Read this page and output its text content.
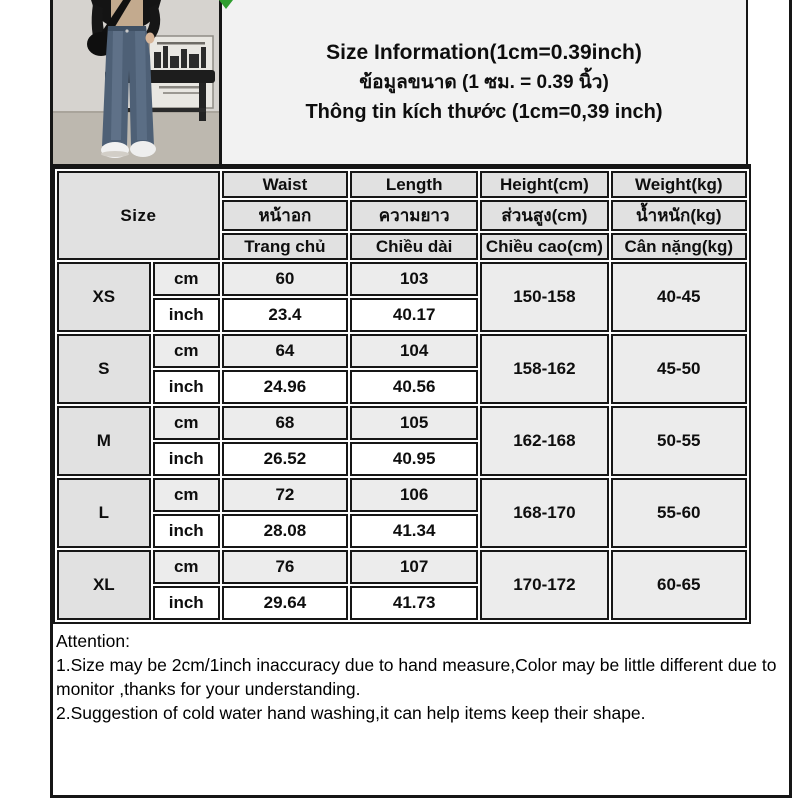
Size Information(1cm=0.39inch)
ข้อมูลขนาด (1 ซม. = 0.39 นิ้ว)
Thông tin kích thước (1cm=0,39 inch)
Size		Waist	Length	Height(cm)	Weight(kg)
		หน้าอก	ความยาว	ส่วนสูง(cm)	น้ำหนัก(kg)
		Trang chủ	Chiều dài	Chiều cao(cm)	Cân nặng(kg)
XS	cm	60	103	150-158	40-45
	inch	23.4	40.17		
S	cm	64	104	158-162	45-50
	inch	24.96	40.56		
M	cm	68	105	162-168	50-55
	inch	26.52	40.95		
L	cm	72	106	168-170	55-60
	inch	28.08	41.34		
XL	cm	76	107	170-172	60-65
	inch	29.64	41.73		
Attention:
1.Size may be 2cm/1inch inaccuracy due to hand measure,Color may be little different due to monitor ,thanks for your understanding.
2.Suggestion of cold water hand washing,it can help items keep their shape.
